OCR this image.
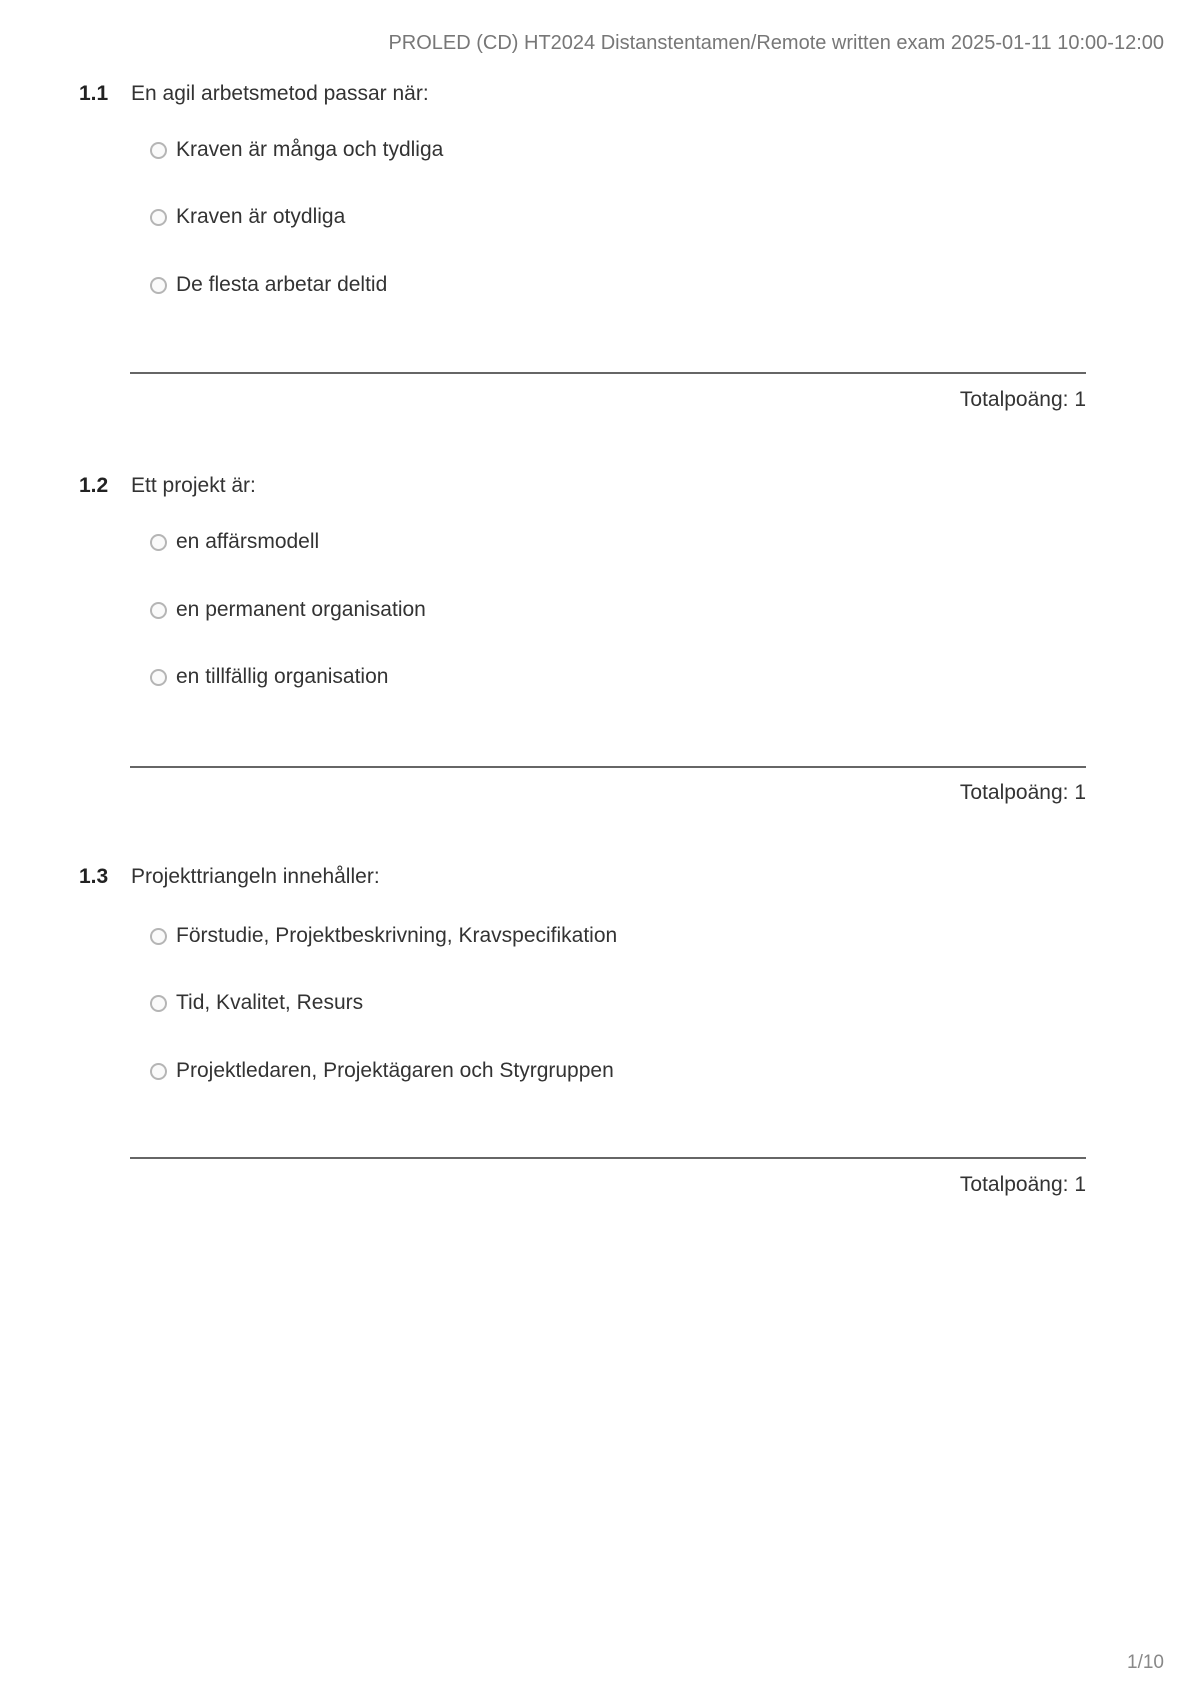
PROLED (CD) HT2024 Distanstentamen/Remote written exam 2025-01-11 10:00-12:00
1.1	En agil arbetsmetod passar när:
Kraven är många och tydliga
Kraven är otydliga
De flesta arbetar deltid
Totalpoäng: 1
1.2	Ett projekt är:
en affärsmodell
en permanent organisation
en tillfällig organisation
Totalpoäng: 1
1.3	Projekttriangeln innehåller:
Förstudie, Projektbeskrivning, Kravspecifikation
Tid, Kvalitet, Resurs
Projektledaren, Projektägaren och Styrgruppen
Totalpoäng: 1
1/10
